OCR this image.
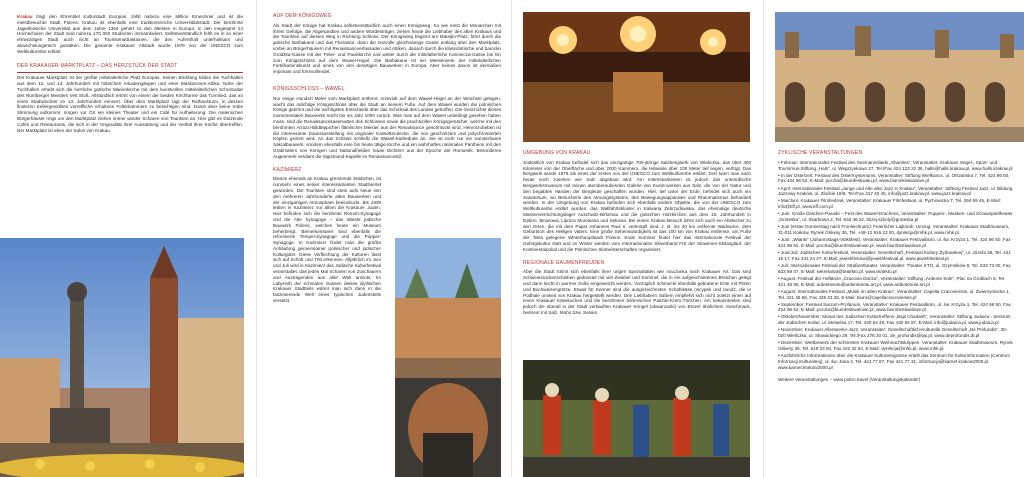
Krakau trägt den Ehrentitel Kulturstadt Europas, zählt nahezu eine Million Einwohner und ist die meistbesuchte Stadt Polens. Krakau ist ebenfalls eine traditionsreiche Universitätsstadt. Die berühmte Jagiellonische Universität aus dem Jahre 1364 gehört zu den ältesten in Europa. In den insgesamt 24 Hochschulen der Stadt sind nahezu 170 000 Studenten immatrikuliert. Selbstverständlich fehlt es in so einer ehrwürdigen Stadt auch nicht an Touristenattraktionen, die den Aufenthalt unterhaltsam und abwechslungsreich gestalten. Die gesamte Krakauer Altstadt wurde 1978 von der UNESCO zum Weltkulturerbe erklärt.

DER KRAKAUER MARKTPLATZ – DAS HERZSTÜCK DER STADT

Der Krakauer Marktplatz ist der größte mittelalterliche Platz Europas. Seinen Blickfang bilden die Tuchhallen aus dem 12. und 13. Jahrhundert mit hübschen Arkadengängen und einer Maskaronen-Attika. Nahe der Tuchhallen erhebt sich die herrliche gotische Marienkirche mit dem kunstvollen mittelalterlichen Schnitzaltar des Nürnberger Meisters Veit Stoß. Allstündlich ertönt von einem der beiden Kirchtürme das Turmlied, das an einen Stadtwächter im 13. Jahrhundert erinnert. Über dem Marktplatz ragt der Rathausturm, in dessen finsteren Kellergewölben vorreffliche erhaltene Folterkammern zu besichtigen sind. Damit aber keine trübe Stimmung aufkommt, sorgen vor Ort ein kleines Theater und ein Café für Aufheiterung. Die malerischen Bürgerhäuser rings um den Marktplatz ziehen immer wieder Scharen von Touristen an. Hier gibt es Dutzende Cafés und Restaurants, die sich in der Originalität ihrer Ausstattung und der Vielfalt ihrer Küche übertreffen. Der Marktplatz ist eben der Salon von Krakau.

AUF DEM KÖNIGSWEG

Als Stadt der Könige hat Krakau selbstverständlich auch einen Königsweg. So wie einst die Monarchen mit ihrem Gefolge, die Abgesandten und andere Würdenträger, ziehen heute die Liebhaber des alten Krakaus und die Touristen auf diesem Weg in Richtung Schloss. Der Königsweg beginnt am Matejko-Platz, führt durch die gotische Barbakane und das Floriantor, dann die reizvolle gleichnamige Gasse entlang über den Marktplatz, vorbei an Bürgerhäusern mit Renaissanceerfassaden und Attiken, danach durch die klassizistische und barocke Grodzka-Gasse mit der Peter- und Paulskirche und weiter durch die mittelalterliche Kanonicza-Gasse bis hin zum Königsschloss auf dem Wawel-Hügel. Die Barbakane ist ein Meisterwerk der mittelalterlichen Fortifikationskunst und eines von drei derartigen Bauwerken in Europa. Aber keines davon ist dermaßen imposant und formvollendet.

KÖNIGSSCHLOSS – WAWEL

Nur einige Hundert Meter vom Marktplatz entfernt, rezeviolt auf dem Wawel-Hügel an der Weichsel gelegen, wacht das mächtige Königsschloss über die Stadt an seinem Fuße. Auf dem Wawel wurden die polnischen Könige gekrönt und die wichtigsten Entscheide über das Schicksal des Landes getroffen. Die Geschichte dieses monumentalen Bauwerks reicht bis ins Jahr 1000 zurück. Was man auf dem Wawel unbedingt gesehen haben muss, sind die Renaissancekasematten des Schlosses sowie die prachtvollen Königsgemächer, welche mit den berühmten Arrazzi-Bildteppichen flämischer Meister aus der Renaissance geschmückt sind. Hervorzuheben ist die interessante Dauerausstellung mit originaler Kassettendecke, die von geschnitzten und polychromierten Köpfen geziert wird. An das Schloss schließt die Wawel-Kathedrale an. Sie ist nicht nur ein wunderbares Sakralbauwerk, sondern ebenfalls eine bis heute tätige Kirche und ein wahrhaftes nationales Pantheon mit den Grabmälern von Königen und Nationalhelden sowie Dichtern aus der Epoche der Romantik. Besonderes Augenmerk verdient die Sigismund-Kapelle im Renaissancestil.

KAZIMIERZ

Dieses ehemals an Krakau grenzende Städtchen, ist nunmehr eines seiner interessantesten Stadtviertel geworden. Die Touristen sind stets aufs Neue von den mehreren Jahrhunderte alten Bauwerken und der einzigartigen Atmosphäre beeindruckt. Bis 1939 lebten in Kazimierz vor allem die Krakauer Juden. Hier befinden sich die berühmte Remuh-Synagoge und die Alte Synagoge – das älteste jüdische Bauwerk Polens, welches heute ein Museum beherbergt. Bemerkenswert sind ebenfalls die reformierte Tempel-Synagoge und die Popper-Synagoge. In Kazimierz findet man die größte Anhäufung gemeinsamer polnischer und jüdischer Kulturgüter. Diese Verflechtung der Kulturen lässt sich auf Schritt und Tritt erkennen. Alljährlich im Juni und Juli wird in Kazimierz das Jüdische Kulturfestival veranstaltet, das jedes Mal Scharen von Zuschauern und Austragenden aus aller Welt anlockt. Im Labyrinth der schmalen Gassen dieses idyllischen Krakauer Stadtteils wähnt man sich dann in die faszinierende Welt eines typischen Judenstetls versetzt.

UMGEBUNG VON KRAKAU

Südöstlich von Krakau befindet sich das einzigartige 700-jährige Salzbergwerk von Wieliczka, das über 300 Kilometer von der Oberfläche und über 2000 Kammern, die teilweise über 100 Meter tief liegen, verfügt. Das Bergwerk wurde 1978 als eines der ersten von der UNESCO zum Weltkulturerbe erklärt. Dort kann man auch heute noch zusehen wie Salz abgebaut wird. Am interessantesten ist jedoch das unterirdische Bergwerksmuseum mit seinen atemberaubenden Galerie von Kunst-werken aus Salz, die von der Natur und den begabten Händen der Bergleute geschaffen wurden. Hier, tief unter der Erde, befindet sich auch ein Sanatorium, wo Besucherin des Atmungssystems, des Bewegungsapparates und Rheumatismus behandelt werden. In der Umgebung von Krakau befinden sich ebenfalls andere Objekte, die von der UNESCO zum Weltkulturerbe erklärt wurden: das Wallfahrtskloster in Kalwaria Zebrzydowska, das ehemalige deutsche Massenvernichtungslager Auschwitz-Birkenau und die gotischen Holzkirchen aus dem 15. Jahrhundert in Dębno, Binarowa, Lipnica Murowana und Sękowa. Bei einem Krakau-Besuch lohnt sich auch ein Abstecher zu den Orten, die mit dem Papst Johannes Paul II. verknüpft sind, z. B. ins 40 km entfernte Wadowice, dem Geburtsort des Heiligen Vaters. Eine große Sehenswürdigkeit ist das 100 km von Krakau entfernte, am Fuße der Tatra gelegene Winterhauptstadt Polens. Ende Sommer findet hier das Internationale Festival der Gebirgskultur statt und im Winter werden vom Internationalen Skiverband FIS der Slowenen-Skilanglauf, der Kontinentalpokal und die Polnischen Skimeisterschaften organisiert.

REGIONALE GAUMENFREUDEN

Aber die Stadt rühmt sich ebenfalls ihrer urigen Spezialitäten wie maczanka nach Krakauer Art. Das sind Schweinsrückenscheiben gedünstet mit viel Zwiebel und Kümmel, die in ein aufgeschnittenes Brötchen gelegt und dann leicht in warmer Soße eingeweicht werden. Vorzüglich schmeckt ebenfalls gebratene Ente mit Pilzen und Buchweizengrütze. Etwas für Kenner sind die ausgezeichneten Schafskäse oscypek und bundz, die in Podhale umweit von Krakau hergestellt werden. Den Liebhabern Süßem empfiehlt sich nicht zuletzt einen auf einen Krakauer Käsekuchen und die berühmten böhmischen Pasztet-Krem-Törtchen. Am bekanntesten sind jedoch die überall in der Stadt verkauften Krakauer Kringel (obwarzanki) von Brezel ähnlichem Geschmack, bestreut mit Salz, Mohn bzw. Sesam.

ZYKLISCHE VERANSTALTUNGEN
• Februar: Internationales Festival des Seemannslieds „Shanties“, Veranstalter: Krakauer Segel-, Sport- und Tourismus-Stiftung „Hals“, ul. Wegrzynkowo 27, Tel./Fax 424 123 22 36, halls@halls.krakow.pl, www.halls.krakow.pl
• In der Osterzeit: Festival des Ostermysteriums, Veranstalter: Stiftung Wielkanoc, ul. Olszańska 7, Tel. 424 96 50, Fax 424 96 52, E-Mail: poczta@biurofestiwalu.pl, www.biurofestiwalowe.pl
• April: Internationales Festival „Junge und Alte also Jazz in Krakau“, Veranstalter: Stiftung Festival Jazz, ul. Bildung Jazzowy Kraków, ul. Złoćkie 18/8, Tel./Fax 417 40 45, info@jazz.krakow.pl, www.jazz.krakow.pl
• Mai/Juni: Krakauer Filmfestival, Veranstalter: Krakauer Filmfestival, ul. Pychowicka 7, Tel. 294 69 45, E-Mail: info@kff.pl, www.kff.com.pl
• Juni: Große Drachen-Parade – Fest des Wawel-Drachens, Veranstalter: Puppen-, Masken- und Schauspieltheater „Groteska“, ul. Skarbowa 2, Tel. 633 48 22, blizej.szkoly@groteska.pl
• Juni (erster Donnerstag nach Fronleichnam): Feierlicher Lajkonik- Umzug, Veranstalter: Krakauer Stadtmuseum, 31-011 Kraków, Rynek Główny 35, Tel. +48-12 916 23 00, dyrekcja@mhk.pl, www.mhk.pl
• Juni: „Wianki“ (Johannistags-Volksfest), Veranstalter: Krakauer Festivalbüro, ul. św. Krzyża 1, Tel. 424 96 50, Fax 424 96 52, E-Mail: poczta@biurofestiwalowe.pl, www.biurofestiwalowe.pl
• Juni/Juli: Jüdisches Kulturfestival, Veranstalter: Gesellschaft „Festiwal Kultury Żydowskiej“, ul. Józefa 36, Tel. 431 15 17, Fax 431 24 27, E-Mail: jewishfestival@jewishfestival.pl, www.jewishfestival.pl
• Juli: Internationales Festival der Straßentheater, Veranstalter: Theater KTO, ul. Gzymsików 8, Tel. 633 73 00, Fax 633 89 47, E-Mail: sekretariat@teatrkto.pl, www.teatrkto.pl
• August: Festival der Hoftänze „Cracovia Danza“, Veranstalter: Stiftung „Ardente Sole“, Plac na Groblach 8, Tel. 421 49 80, E-Mail: ardentesole@ardentesole.art.pl, www.ardentesole.art.pl
• August: Internationales Festival „Musik im alten Krakau“, Veranstalter: Capella Cracoviensis, ul. Zwierzyniecka 1, Tel. 421 45 66, Fax 429 43 28, E-Mail: biuro@capellacracoviensis.pl
• September: Festival Sacrum-Profanum, Veranstalter: Krakauer Festivalbüro, ul. św. Krzyża 1, Tel. 424 96 50, Fax 424 96 52, E-Mail: poczta@biurofestiwalowe.pl, www.biurofestiwalowe.pl
• Oktober/November: Monat des Jüdischen Kulturtreffens „Bajit Chadash“, Veranstalter: Stiftung Judaica - Zentrum der Jüdischen Kultur, ul. Meiselsa 17, Tel. 430 64 49, Fax 430 64 97, E-Mail: info@judaica.pl, www.judaica.pl
• November: Krakauer Allerseelen-Jazz, Veranstalter: Gesellschaftlich-Kulturelle Gesellschaft „De Profundis“, 30-020 Wieliczka, ul. Słowackiego 29, Tel./Fax 278 20 01, de_profundis@wp.pl, www.deprofundis.dl.pl
• Dezember: Wettbewerb der schönsten Krakauer Weihnachtskrippen, Veranstalter: Krakauer Stadtmuseum, Rynek Główny 35, Tel. 619 23 00, Fax 422 32 64, E-Mail: dyrekcja@mhk.pl, www.mhk.pl
• Ausführliche Informationen über die Krakauer Kulturereignisse erteilt das Zentrum für Kulturinformation (Centrum Informacji Kulturalnej), ul. św. Jana 2, Tel. 421 77 87, Fax 421 77 31, informacja@karnet.krakow2000.pl, www.karnet.krakow2000.pl

Weitere Veranstaltungen – www.polen.travel (Veranstaltungskalender)
